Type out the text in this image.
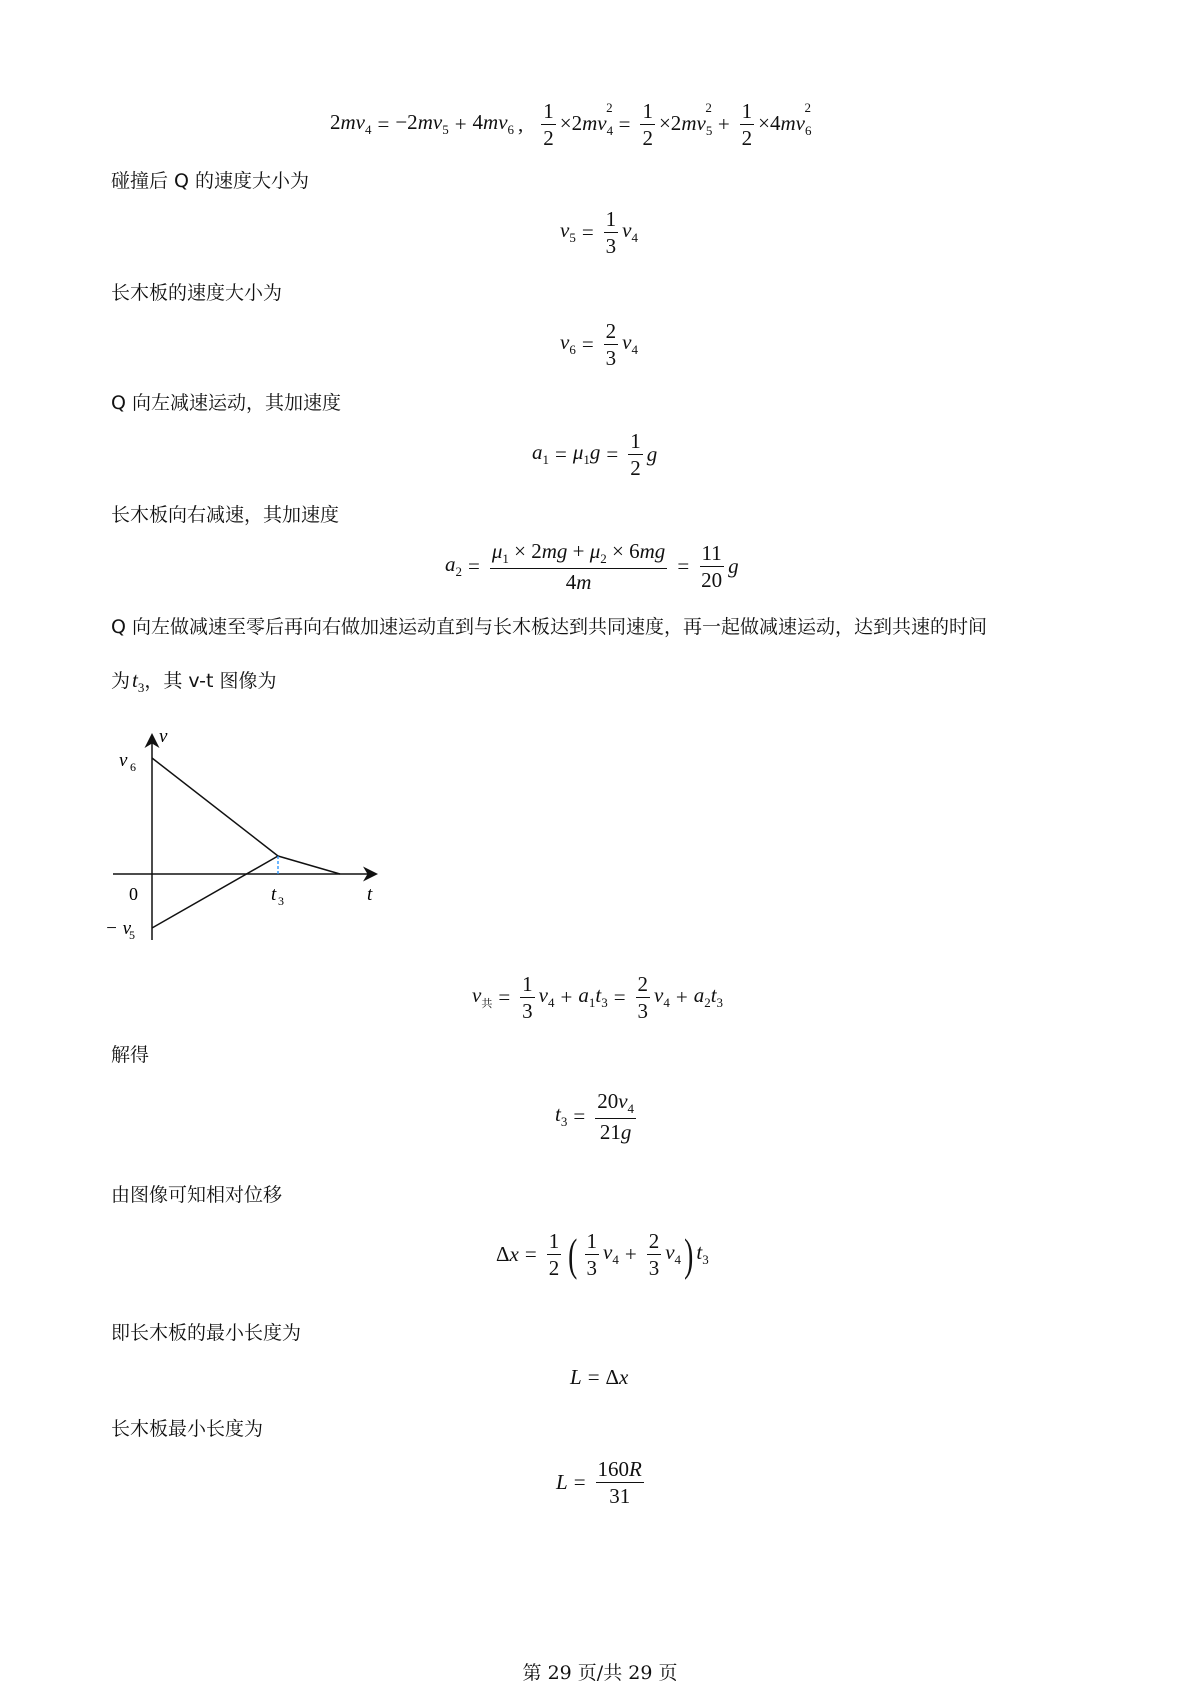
$2mv_4 = -2mv_5 + 4mv_6$ , $\frac{1}{2} \times 2mv_4^2$
= $\frac{1}{2} \times 2mv_5^2$
+ $\frac{1}{2} \times 4mv_6^2$
碰撞后 Q 的速度大小为
$v_5 = \frac{1}{3} v_4$
长木板的速度大小为
$v_6 = \frac{2}{3} v_4$
Q 向左减速运动，其加速度
$a_1 = \mu_1g = \frac{1}{2}$ g
长木板向右减速，其加速度
$a_2 = \frac{\mu_1 \times 2mg + \mu_2 \times 6mg}{4m} = \frac{11}{20}$ g
Q 向左做减速至零后再向右做加速运动直到与长木板达到共同速度，再一起做减速运动，达到共速的时间
为$t_3$，其 v-t 图像为
v
t
0
v 6
− v
5
t 3
$v_共 = \frac{1}{3} v_4 + a_1t_3 = \frac{2}{3} v_4 + a_2t_3$
解得
$t_3 = \frac{20v_4}{21g}$
由图像可知相对位移
$\Delta x = \frac{1}{2}$ ( $\frac{1}{3} v_4 + \frac{2}{3} v_4$ ) $t_3$
即长木板的最小长度为
L = Δx
长木板最小长度为
$L = \frac{160R}{31}$
第 29 页/共 29 页
